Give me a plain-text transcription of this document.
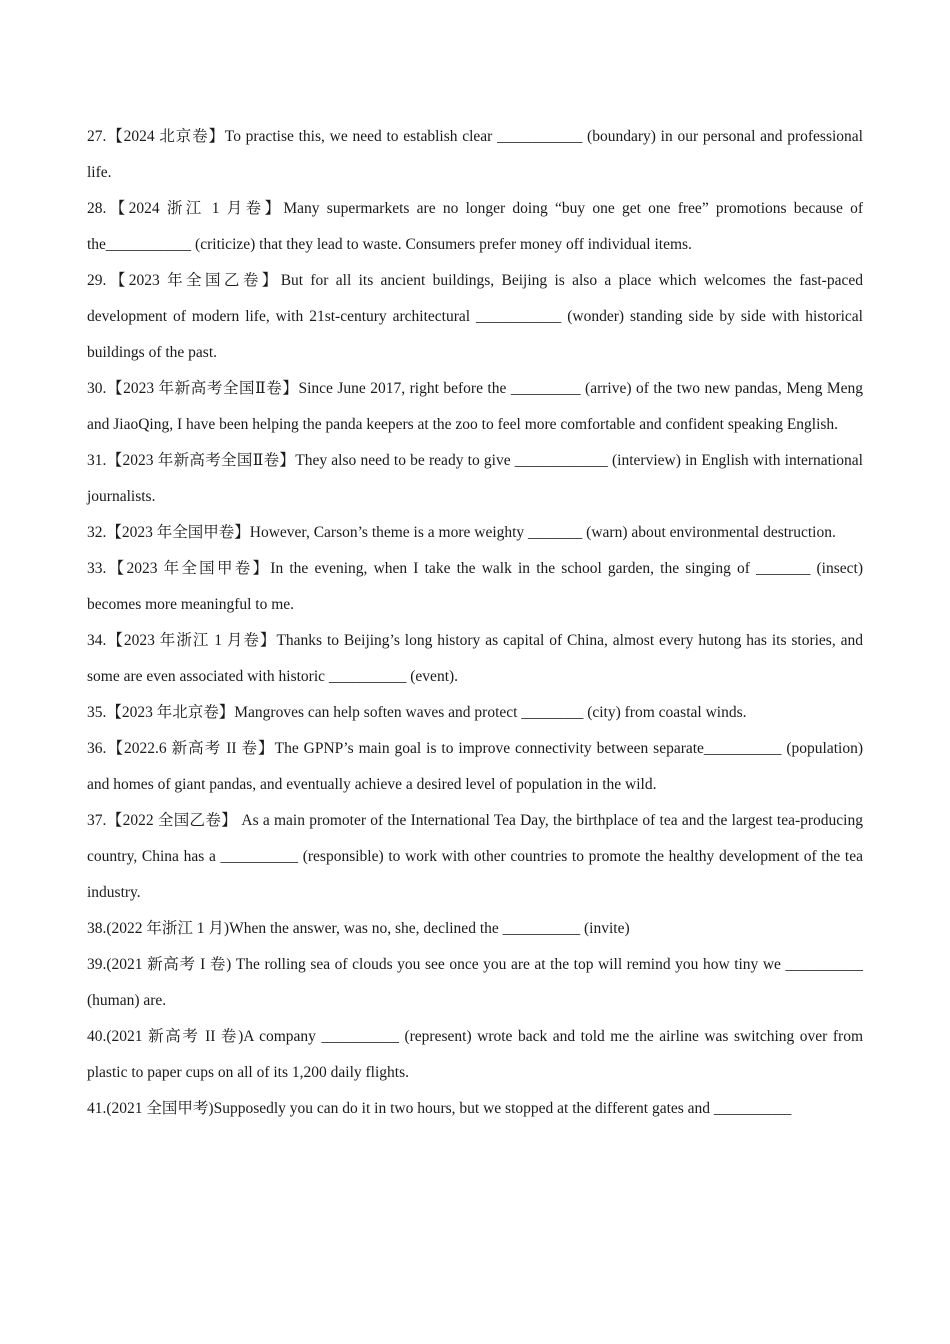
27.【2024 北京卷】To practise this, we need to establish clear ___________ (boundary) in our personal and professional life.

28.【2024 浙江 1 月卷】Many supermarkets are no longer doing “buy one get one free” promotions because of the___________ (criticize) that they lead to waste. Consumers prefer money off individual items.

29.【2023 年全国乙卷】But for all its ancient buildings, Beijing is also a place which welcomes the fast-paced development of modern life, with 21st-century architectural ___________ (wonder) standing side by side with historical buildings of the past.

30.【2023 年新高考全国Ⅱ卷】Since June 2017, right before the _________ (arrive) of the two new pandas, Meng Meng and JiaoQing, I have been helping the panda keepers at the zoo to feel more comfortable and confident speaking English.

31.【2023 年新高考全国Ⅱ卷】They also need to be ready to give ____________ (interview) in English with international journalists.

32.【2023 年全国甲卷】However, Carson’s theme is a more weighty _______ (warn) about environmental destruction.

33.【2023 年全国甲卷】In the evening, when I take the walk in the school garden, the singing of _______ (insect) becomes more meaningful to me.

34.【2023 年浙江 1 月卷】Thanks to Beijing’s long history as capital of China, almost every hutong has its stories, and some are even associated with historic __________ (event).

35.【2023 年北京卷】Mangroves can help soften waves and protect ________ (city) from coastal winds.

36.【2022.6 新高考 II 卷】The GPNP’s main goal is to improve connectivity between separate__________ (population) and homes of giant pandas, and eventually achieve a desired level of population in the wild.

37.【2022 全国乙卷】 As a main promoter of the International Tea Day, the birthplace of tea and the largest tea-producing country, China has a __________ (responsible) to work with other countries to promote the healthy development of the tea industry.

38.(2022 年浙江 1 月)When the answer, was no, she, declined the __________ (invite)

39.(2021 新高考 I 卷) The rolling sea of clouds you see once you are at the top will remind you how tiny we __________ (human) are.

40.(2021 新高考 II 卷)A company __________ (represent) wrote back and told me the airline was switching over from plastic to paper cups on all of its 1,200 daily flights.

41.(2021 全国甲考)Supposedly you can do it in two hours, but we stopped at the different gates and __________
